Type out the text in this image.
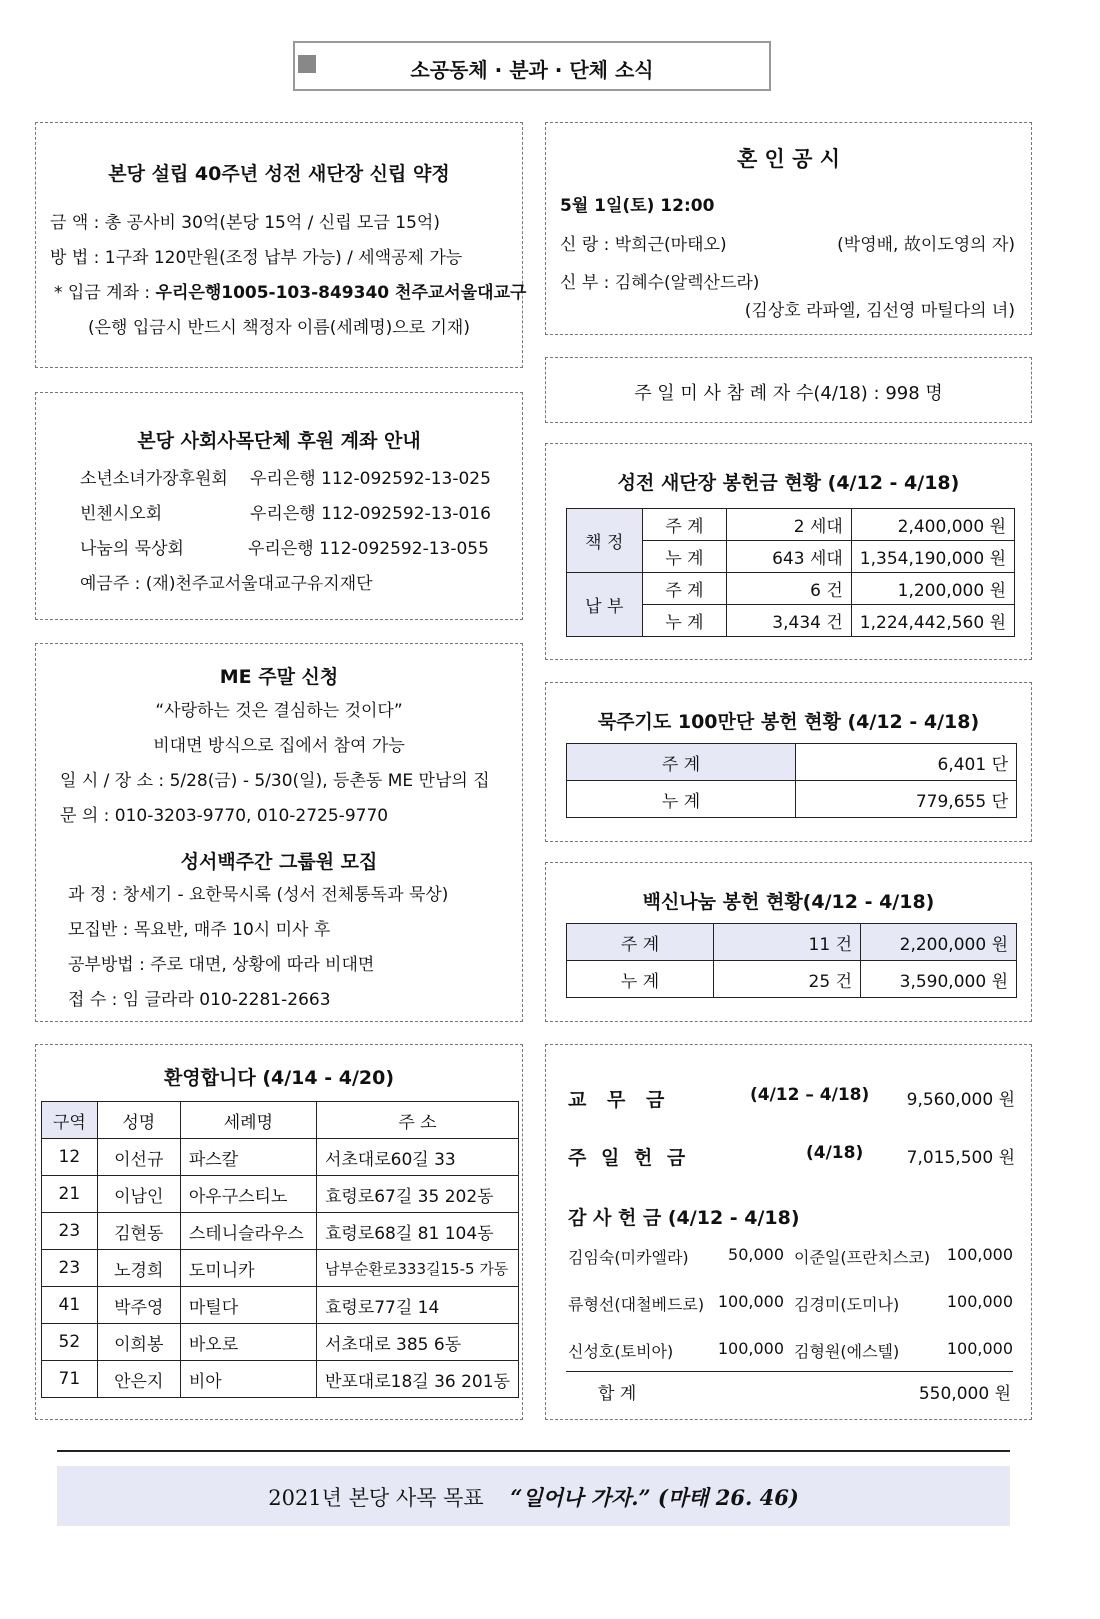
소공동체 · 분과 · 단체 소식
본당 설립 40주년 성전 새단장 신립 약정
금 액 : 총 공사비 30억(본당 15억 / 신립 모금 15억)
방 법 : 1구좌 120만원(조정 납부 가능) / 세액공제 가능
* 입금 계좌 : 우리은행1005-103-849340 천주교서울대교구
(은행 입금시 반드시 책정자 이름(세례명)으로 기재)
본당 사회사목단체 후원 계좌 안내
소년소녀가장후원회 우리은행 112-092592-13-025
빈첸시오회	우리은행 112-092592-13-016
나눔의 묵상회	우리은행 112-092592-13-055
예금주 : (재)천주교서울대교구유지재단
ME 주말 신청
“사랑하는 것은 결심하는 것이다”
비대면 방식으로 집에서 참여 가능
일 시 / 장 소 : 5/28(금) - 5/30(일), 등촌동 ME 만남의 집
문 의 : 010-3203-9770, 010-2725-9770
성서백주간 그룹원 모집
과 정 : 창세기 - 요한묵시록 (성서 전체통독과 묵상)
모집반 : 목요반, 매주 10시 미사 후
공부방법 : 주로 대면, 상황에 따라 비대면
접 수 : 임 글라라 010-2281-2663
환영합니다 (4/14 - 4/20)
구역	성명	세례명	주 소
12	이선규	파스칼	서초대로60길 33
21	이남인	아우구스티노	효령로67길 35 202동
23	김현동	스테니슬라우스	효령로68길 81 104동
23	노경희	도미니카	남부순환로333길15-5 가동
41	박주영	마틸다	효령로77길 14
52	이희봉	바오로	서초대로 385 6동
71	안은지	비아	반포대로18길 36 201동
혼 인 공 시
5월 1일(토) 12:00
신 랑 : 박희근(마태오)	(박영배, 故이도영의 자)
신 부 : 김혜수(알렉산드라)
(김상호 라파엘, 김선영 마틸다의 녀)
주 일 미 사 참 례 자 수(4/18) : 998 명
성전 새단장 봉헌금 현황 (4/12 - 4/18)
책 정	주 계	2 세대	2,400,000 원
	누 계	643 세대	1,354,190,000 원
납 부	주 계	6 건	1,200,000 원
	누 계	3,434 건	1,224,442,560 원
묵주기도 100만단 봉헌 현황 (4/12 - 4/18)
주 계	6,401 단
누 계	779,655 단
백신나눔 봉헌 현황(4/12 - 4/18)
주 계	11 건	2,200,000 원
누 계	25 건	3,590,000 원
교 무 금	(4/12 – 4/18) 9,560,000 원
주 일 헌 금	(4/18)	7,015,500 원
감 사 헌 금 (4/12 - 4/18)
김임숙(미카엘라) 50,000 이준일(프란치스코) 100,000
류형선(대철베드로) 100,000 김경미(도미나)	100,000
신성호(토비아)	100,000 김형원(에스텔)	100,000
합 계	550,000 원
2021년 본당 사목 목표 “일어나 가자.” (마태 26. 46)
